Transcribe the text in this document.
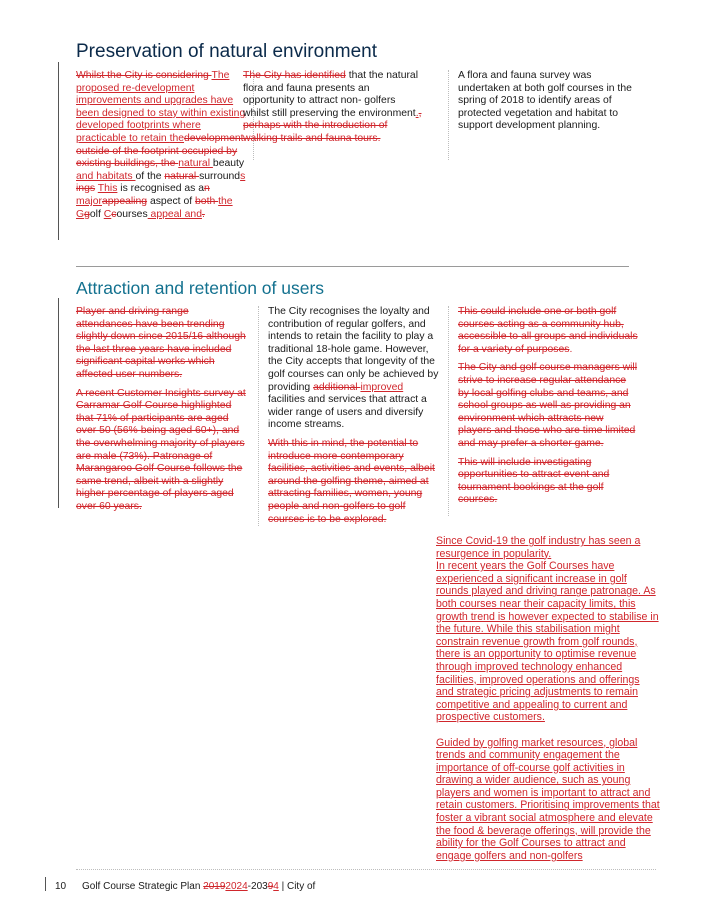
Preservation of natural environment
Whilst the City is considering The proposed re-development improvements and upgrades have been designed to stay within existing developed footprints where practicable to retain thedevelopment outside of the footprint occupied by existing buildings, the natural beauty and habitats of the natural surrounds ings This is recognised as an majorappealing aspect of both the Ggolf Ccourses appeal and.
The City has identified that the natural flora and fauna presents an opportunity to attract non- golfers whilst still preserving the environment., perhaps with the introduction of walking trails and fauna tours.
A flora and fauna survey was undertaken at both golf courses in the spring of 2018 to identify areas of protected vegetation and habitat to support development planning.
Attraction and retention of users

Player and driving range attendances have been trending slightly down since 2015/16 although the last three years have included significant capital works which affected user numbers.

A recent Customer Insights survey at Carramar Golf Course highlighted that 71% of participants are aged over 50 (56% being aged 60+), and the overwhelming majority of players are male (73%). Patronage of Marangaroo Golf Course follows the same trend, albeit with a slightly higher percentage of players aged over 60 years.

The City recognises the loyalty and contribution of regular golfers, and intends to retain the facility to play a traditional 18-hole game. However, the City accepts that longevity of the golf courses can only be achieved by providing additional improved facilities and services that attract a wider range of users and diversify income streams.

With this in mind, the potential to introduce more contemporary facilities, activities and events, albeit around the golfing theme, aimed at attracting families, women, young people and non-golfers to golf courses is to be explored.

This could include one or both golf courses acting as a community hub, accessible to all groups and individuals for a variety of purposes.

The City and golf course managers will strive to increase regular attendance by local golfing clubs and teams, and school groups as well as providing an environment which attracts new players and those who are time limited and may prefer a shorter game.

This will include investigating opportunities to attract event and tournament bookings at the golf courses.

Since Covid-19 the golf industry has seen a resurgence in popularity.
In recent years the Golf Courses have experienced a significant increase in golf rounds played and driving range patronage. As both courses near their capacity limits, this growth trend is however expected to stabilise in the future. While this stabilisation might constrain revenue growth from golf rounds, there is an opportunity to optimise revenue through improved technology enhanced facilities, improved operations and offerings and strategic pricing adjustments to remain competitive and appealing to current and prospective customers.
Guided by golfing market resources, global trends and community engagement the importance of off-course golf activities in drawing a wider audience, such as young players and women is important to attract and retain customers. Prioritising improvements that foster a vibrant social atmosphere and elevate the food & beverage offerings, will provide the ability for the Golf Courses to attract and engage golfers and non-golfers
10 Golf Course Strategic Plan 20192024-20394 | City of
